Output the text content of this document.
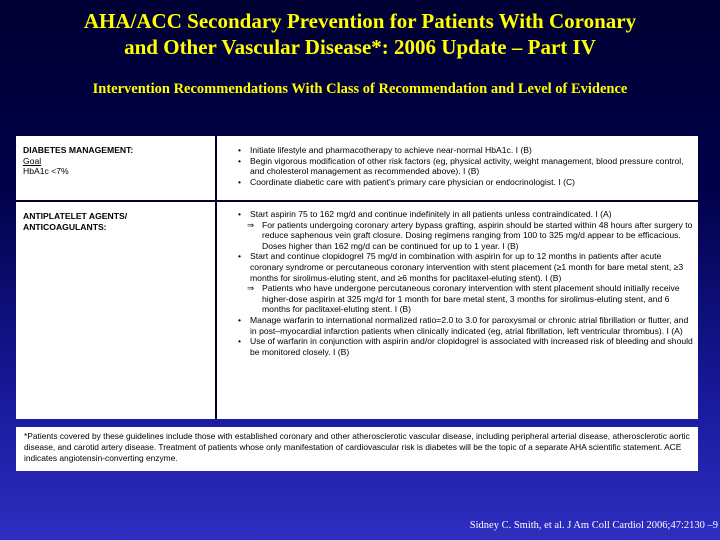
AHA/ACC Secondary Prevention for Patients With Coronary
and Other Vascular Disease*: 2006 Update – Part IV
Intervention Recommendations With Class of Recommendation and Level of Evidence
DIABETES MANAGEMENT:
Goal
HbA1c <7%
• Initiate lifestyle and pharmacotherapy to achieve near-normal HbA1c. I (B)
• Begin vigorous modification of other risk factors (eg, physical activity, weight management, blood pressure control, and cholesterol management as recommended above). I (B)
• Coordinate diabetic care with patient's primary care physician or endocrinologist. I (C)
ANTIPLATELET AGENTS/
ANTICOAGULANTS:
• Start aspirin 75 to 162 mg/d and continue indefinitely in all patients unless contraindicated. I (A)
⇒ For patients undergoing coronary artery bypass grafting, aspirin should be started within 48 hours after surgery to reduce saphenous vein graft closure. Dosing regimens ranging from 100 to 325 mg/d appear to be efficacious. Doses higher than 162 mg/d can be continued for up to 1 year. I (B)
• Start and continue clopidogrel 75 mg/d in combination with aspirin for up to 12 months in patients after acute coronary syndrome or percutaneous coronary intervention with stent placement (≥1 month for bare metal stent, ≥3 months for sirolimus-eluting stent, and ≥6 months for paclitaxel-eluting stent). I (B)
⇒ Patients who have undergone percutaneous coronary intervention with stent placement should initially receive higher-dose aspirin at 325 mg/d for 1 month for bare metal stent, 3 months for sirolimus-eluting stent, and 6 months for paclitaxel-eluting stent. I (B)
• Manage warfarin to international normalized ratio=2.0 to 3.0 for paroxysmal or chronic atrial fibrillation or flutter, and in post–myocardial infarction patients when clinically indicated (eg, atrial fibrillation, left ventricular thrombus). I (A)
• Use of warfarin in conjunction with aspirin and/or clopidogrel is associated with increased risk of bleeding and should be monitored closely. I (B)
*Patients covered by these guidelines include those with established coronary and other atherosclerotic vascular disease, including peripheral arterial disease, atherosclerotic aortic disease, and carotid artery disease. Treatment of patients whose only manifestation of cardiovascular risk is diabetes will be the topic of a separate AHA scientific statement. ACE indicates angiotensin-converting enzyme.
Sidney C. Smith, et al. J Am Coll Cardiol 2006;47:2130 –9
